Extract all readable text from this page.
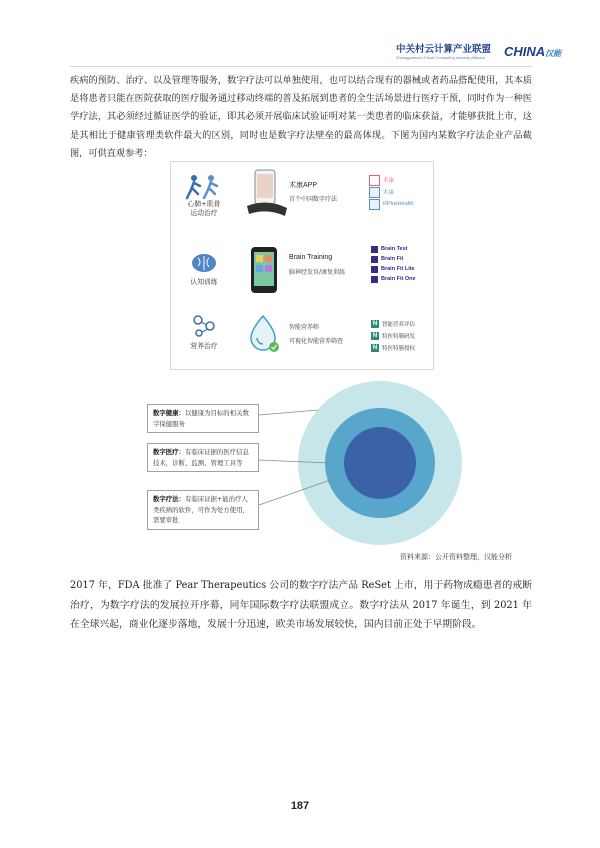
中关村云计算产业联盟
Zhongguancun Cloud Computing Industry Alliance	CHINA汉能
疾病的预防、治疗、以及管理等服务，数字疗法可以单独使用，也可以结合现有的器械或者药品搭配使用，其本质是将患者只能在医院获取的医疗服务通过移动终端的普及拓展到患者的全生活场景进行医疗干预，同时作为一种医学疗法，其必须经过循证医学的验证，即其必须开展临床试验证明对某一类患者的临床获益，才能够获批上市，这是其相比于健康管理类软件最大的区别，同时也是数字疗法壁垒的最高体现。下图为国内某数字疗法企业产品截图，可供直观参考：
心肺+肌骨
运动治疗
术康APP
首个中国数字疗法
术康
术康
RPlusHealth
认知训练
Brain Training
脑神经发育/康复训练
Brain Test
Brain Fit
Brain Fit Lite
Brain Fit One
营养治疗
智能营养师
可视化智能营养筛查
N 智能营养评估
N 特医特膳研发
N 特医特膳授权
数字健康：以健康为目标的相关数字保健服务
数字医疗：有临床证据的医疗信息技术，诊断、监测、管理工具等
数字疗法：有临床证据+能治疗人类疾病的软件，可作为处方使用，需要审批
资料来源：公开资料整理，汉能分析
2017 年，FDA 批准了 Pear Therapeutics 公司的数字疗法产品 ReSet 上市，用于药物成瘾患者的戒断治疗，为数字疗法的发展拉开序幕，同年国际数字疗法联盟成立。数字疗法从 2017 年诞生，到 2021 年在全球兴起，商业化逐步落地，发展十分迅速，欧美市场发展较快，国内目前正处于早期阶段。
187
